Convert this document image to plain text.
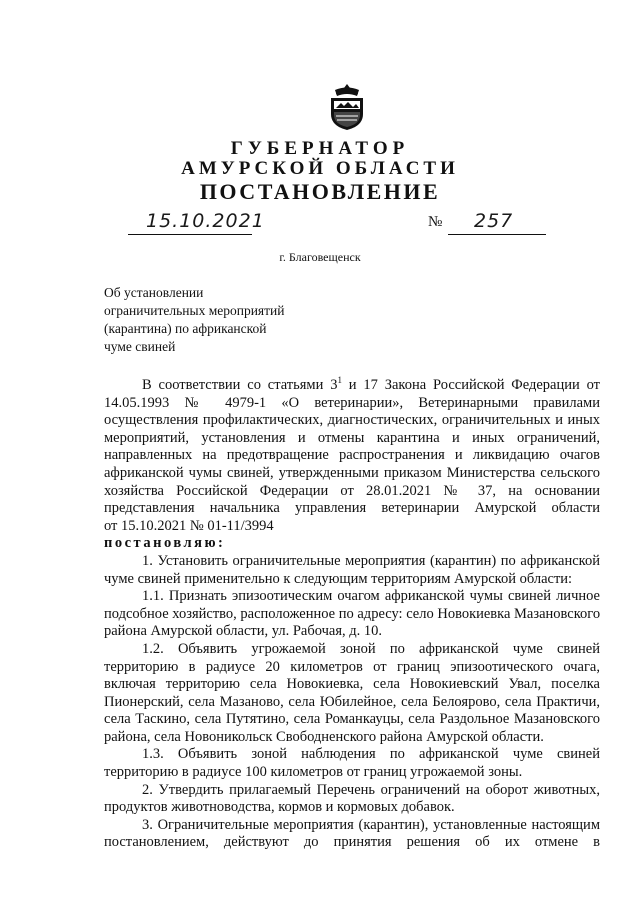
ГУБЕРНАТОР
АМУРСКОЙ ОБЛАСТИ
ПОСТАНОВЛЕНИЕ
15.10.2021	№ 257
г. Благовещенск
Об установлении
ограничительных мероприятий
(карантина) по африканской
чуме свиней
В соответствии со статьями $3^1$ и 17 Закона Российской Федерации от
14.05.1993 № 4979-1 «О ветеринарии», Ветеринарными правилами
осуществления профилактических, диагностических, ограничительных и иных
мероприятий, установления и отмены карантина и иных ограничений,
направленных на предотвращение распространения и ликвидацию очагов
африканской чумы свиней, утвержденными приказом Министерства сельского
хозяйства Российской Федерации от 28.01.2021 № 37, на основании
представления начальника управления ветеринарии Амурской области
от 15.10.2021 № 01-11/3994
постановляю:
1. Установить ограничительные мероприятия (карантин) по африканской
чуме свиней применительно к следующим территориям Амурской области:
1.1. Признать эпизоотическим очагом африканской чумы свиней личное
подсобное хозяйство, расположенное по адресу: село Новокиевка Мазановского
района Амурской области, ул. Рабочая, д. 10.
1.2. Объявить угрожаемой зоной по африканской чуме свиней
территорию в радиусе 20 километров от границ эпизоотического очага,
включая территорию села Новокиевка, села Новокиевский Увал, поселка
Пионерский, села Мазаново, села Юбилейное, села Белоярово, села Практичи,
села Таскино, села Путятино, села Романкауцы, села Раздольное Мазановского
района, села Новоникольск Свободненского района Амурской области.
1.3. Объявить зоной наблюдения по африканской чуме свиней
территорию в радиусе 100 километров от границ угрожаемой зоны.
2. Утвердить прилагаемый Перечень ограничений на оборот животных,
продуктов животноводства, кормов и кормовых добавок.
3. Ограничительные мероприятия (карантин), установленные настоящим
постановлением, действуют до принятия решения об их отмене в
